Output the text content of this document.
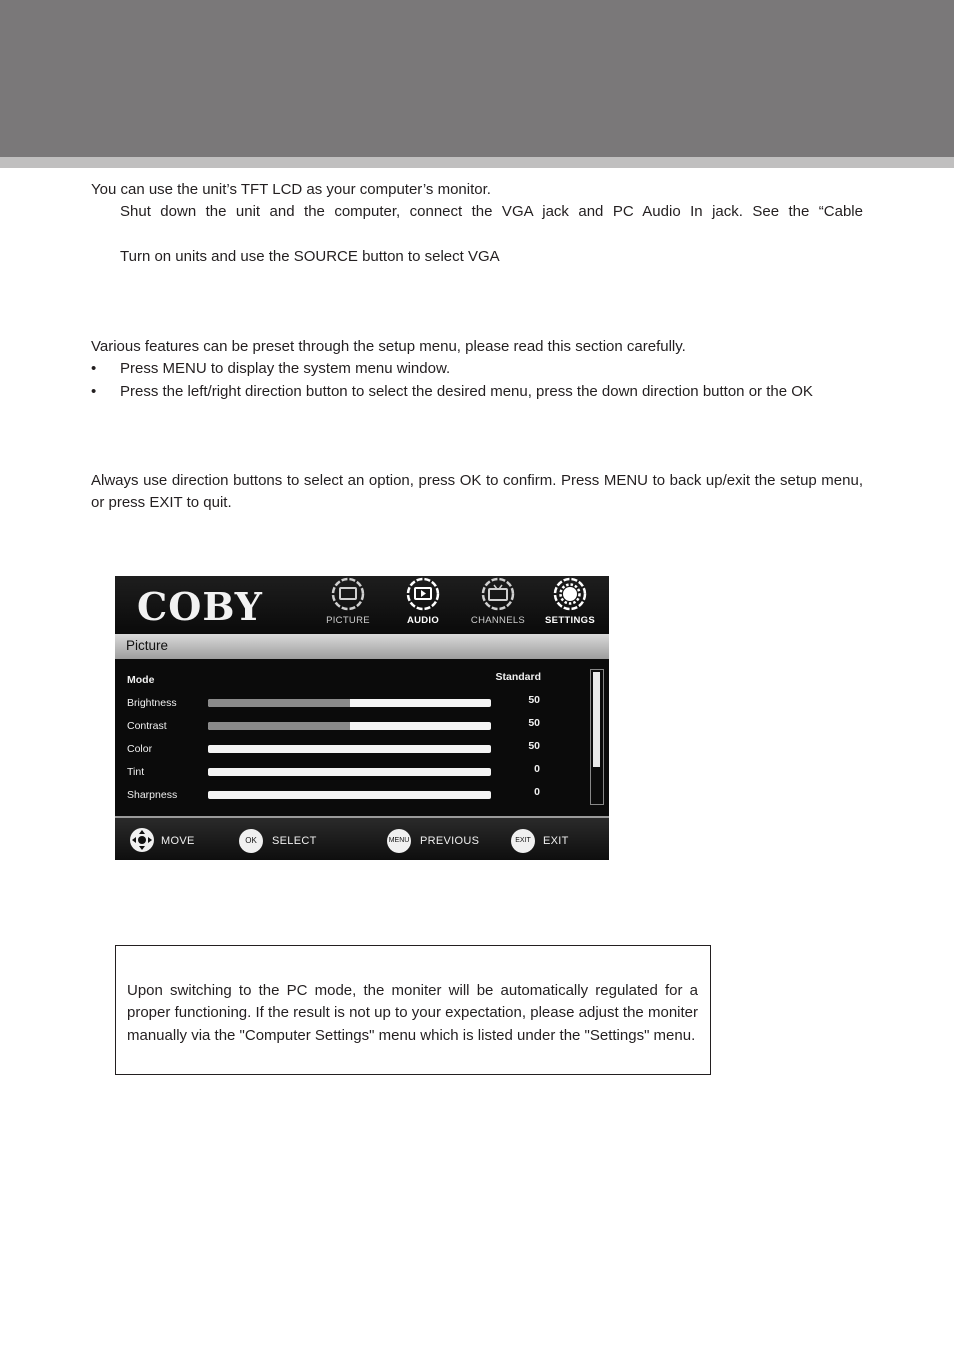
You can use the unit’s TFT LCD as your computer’s monitor.
Shut down the unit and the computer, connect the VGA jack and PC Audio In jack. See the “Cable
Turn on units and use the SOURCE button to select VGA
Various features can be preset through the setup menu, please read this section carefully.
• Press MENU to display the system menu window.
• Press the left/right direction button to select the desired menu, press the down direction button or the OK
Always use direction buttons to select an option, press OK to confirm. Press MENU to back up/exit the setup menu, or press EXIT to quit.
COBY	PICTURE	AUDIO	CHANNELS	SETTINGS
Picture
Mode	Standard
Brightness	50
Contrast	50
Color	50
Tint	0
Sharpness	0
MOVE	OK	SELECT	MENU PREVIOUS	EXIT	EXIT
Upon switching to the PC mode, the moniter will be automatically regulated for a proper functioning. If the result is not up to your expectation, please adjust the moniter manually via the "Computer Settings" menu which is listed under the "Settings" menu.
